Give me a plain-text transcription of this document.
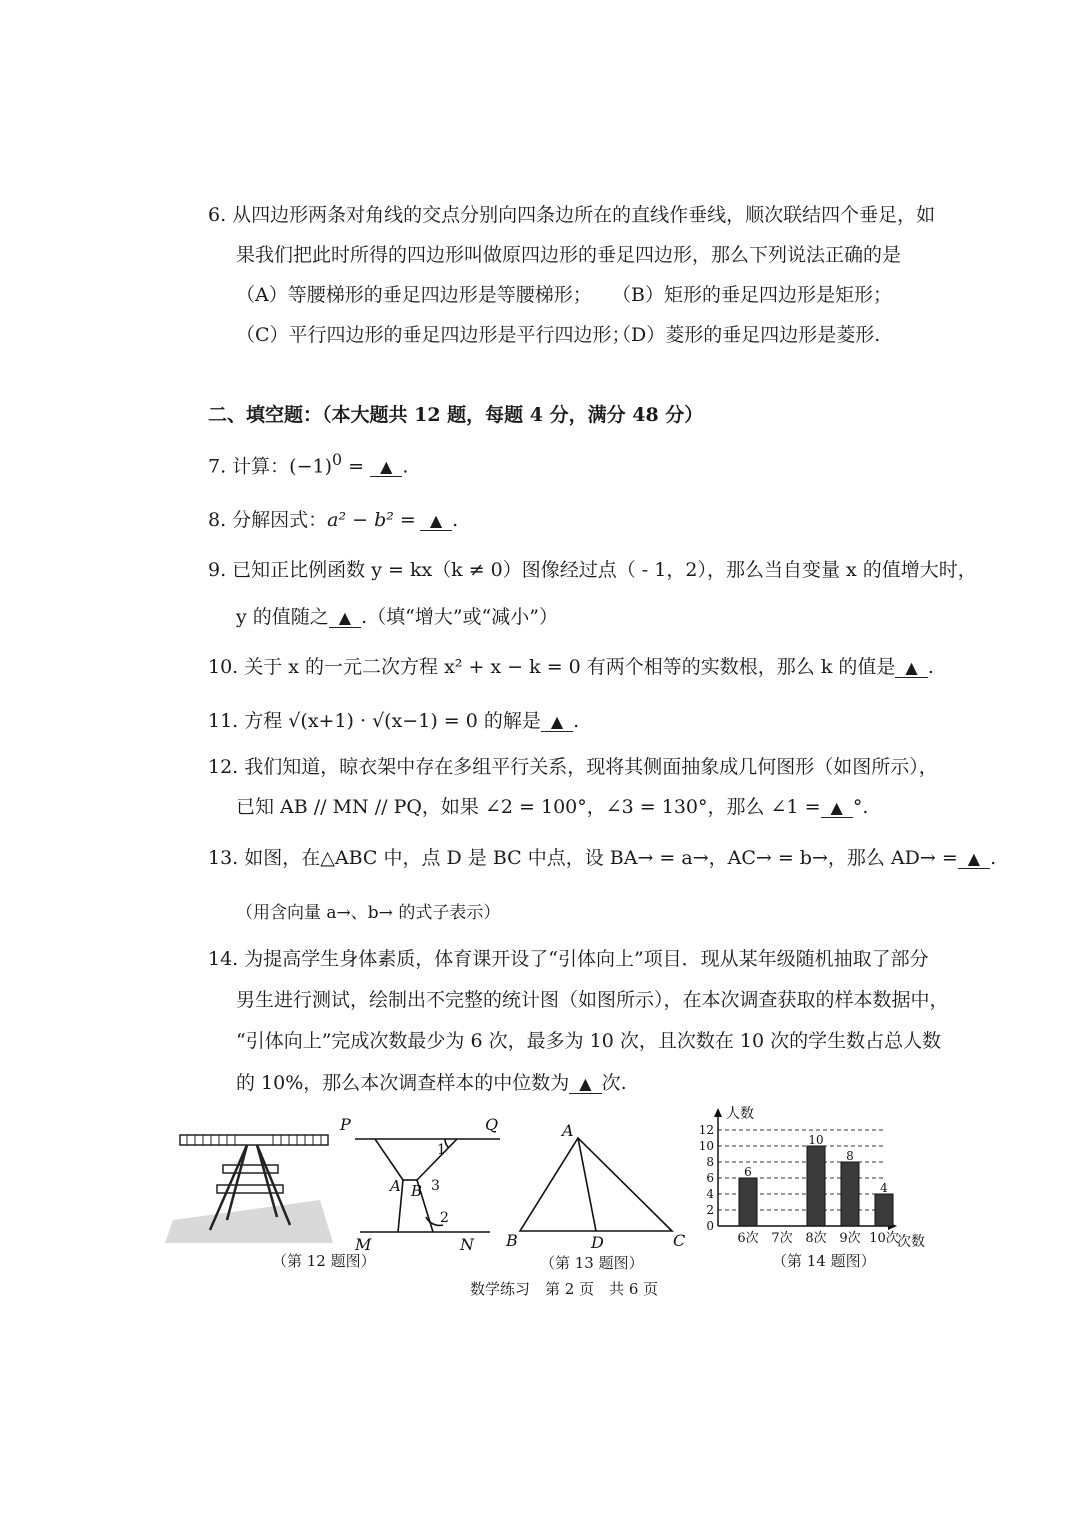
6. 从四边形两条对角线的交点分别向四条边所在的直线作垂线，顺次联结四个垂足，如
果我们把此时所得的四边形叫做原四边形的垂足四边形，那么下列说法正确的是
（A）等腰梯形的垂足四边形是等腰梯形； （B）矩形的垂足四边形是矩形；
（C）平行四边形的垂足四边形是平行四边形；
（D）菱形的垂足四边形是菱形.
二、填空题：（本大题共 12 题，每题 4 分，满分 48 分）
7. 计算：$(-1)^0$ = ▲ .
8. 分解因式：a² − b² = ▲ .
9. 已知正比例函数 y = kx（k ≠ 0）图像经过点（ - 1，2），那么当自变量 x 的值增大时，
y 的值随之 ▲ .（填“增大”或“减小”）
10. 关于 x 的一元二次方程 x² + x − k = 0 有两个相等的实数根，那么 k 的值是 ▲ .
11. 方程 √(x+1) · √(x−1) = 0 的解是 ▲ .
12. 我们知道，晾衣架中存在多组平行关系，现将其侧面抽象成几何图形（如图所示），
已知 AB // MN // PQ，如果 ∠2 = 100°，∠3 = 130°，那么 ∠1 = ▲ °.
13. 如图，在△ABC 中，点 D 是 BC 中点，设 BA→ = a→，AC→ = b→，那么 AD→ = ▲ .
（用含向量 a→、b→ 的式子表示）
14. 为提高学生身体素质，体育课开设了“引体向上”项目．现从某年级随机抽取了部分
男生进行测试，绘制出不完整的统计图（如图所示），在本次调查获取的样本数据中，
“引体向上”完成次数最少为 6 次，最多为 10 次，且次数在 10 次的学生数占总人数
的 10%，那么本次调查样本的中位数为 ▲ 次.
P	Q
A B
M	N
1
2
3
（第 12 题图）
A
B	D	C
（第 13 题图）
0
2
4
6
8
10
12
人数
次数
6
6次 7次
10
8次
8
9次
4
10次
（第 14 题图）
数学练习　第 2 页　共 6 页
